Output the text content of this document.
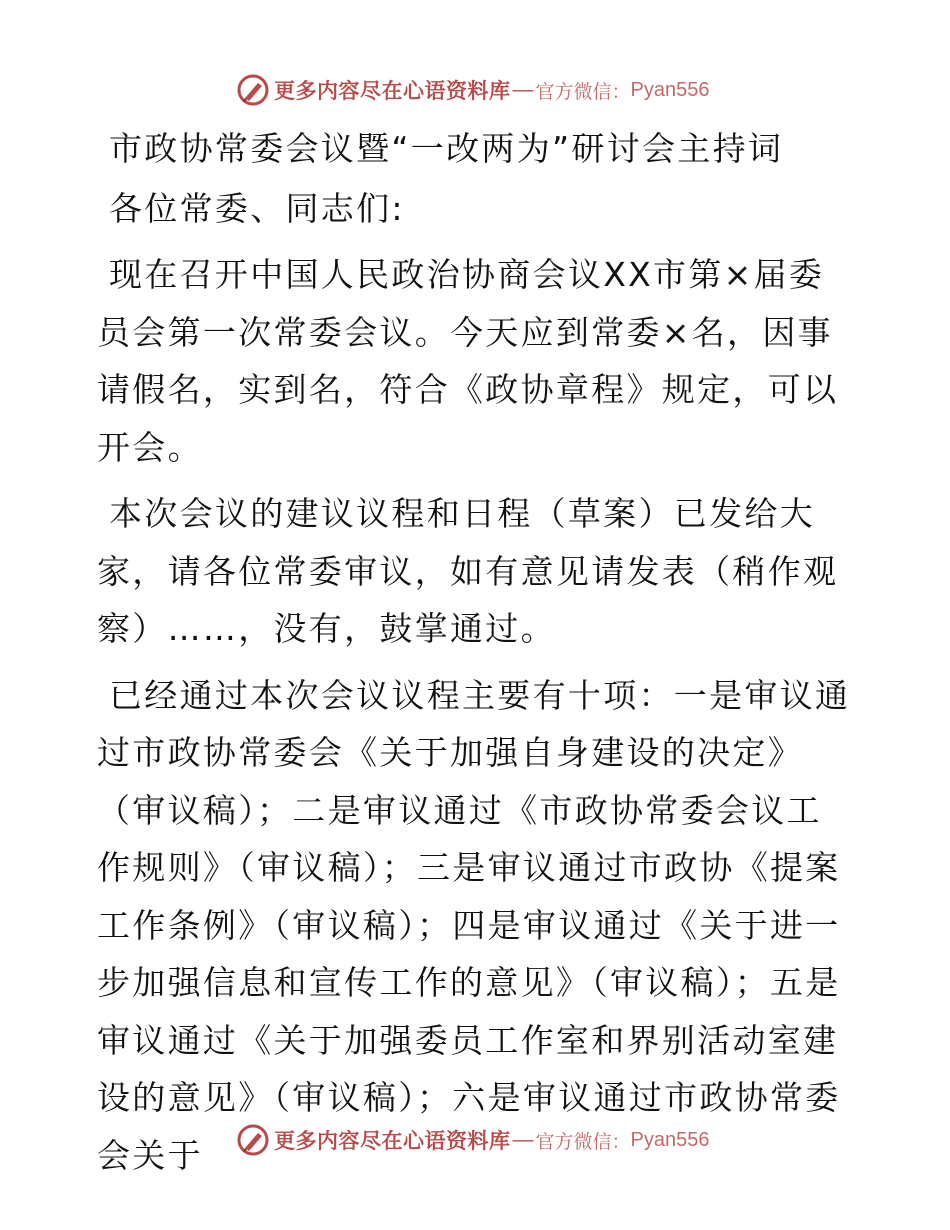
更多内容尽在心语资料库 — 官方微信： Pyan556

市政协常委会议暨“一改两为”研讨会主持词

各位常委、同志们:

现在召开中国人民政治协商会议XX市第×届委员会第一次常委会议。今天应到常委×名，因事请假名，实到名，符合《政协章程》规定，可以开会。

本次会议的建议议程和日程（草案）已发给大家，请各位常委审议，如有意见请发表（稍作观察）……，没有，鼓掌通过。

已经通过本次会议议程主要有十项：一是审议通过市政协常委会《关于加强自身建设的决定》（审议稿）；二是审议通过《市政协常委会议工作规则》（审议稿）；三是审议通过市政协《提案工作条例》（审议稿）；四是审议通过《关于进一步加强信息和宣传工作的意见》（审议稿）；五是审议通过《关于加强委员工作室和界别活动室建设的意见》（审议稿）；六是审议通过市政协常委会关于	更多内容尽在心语资料库 — 官方微信： Pyan556
